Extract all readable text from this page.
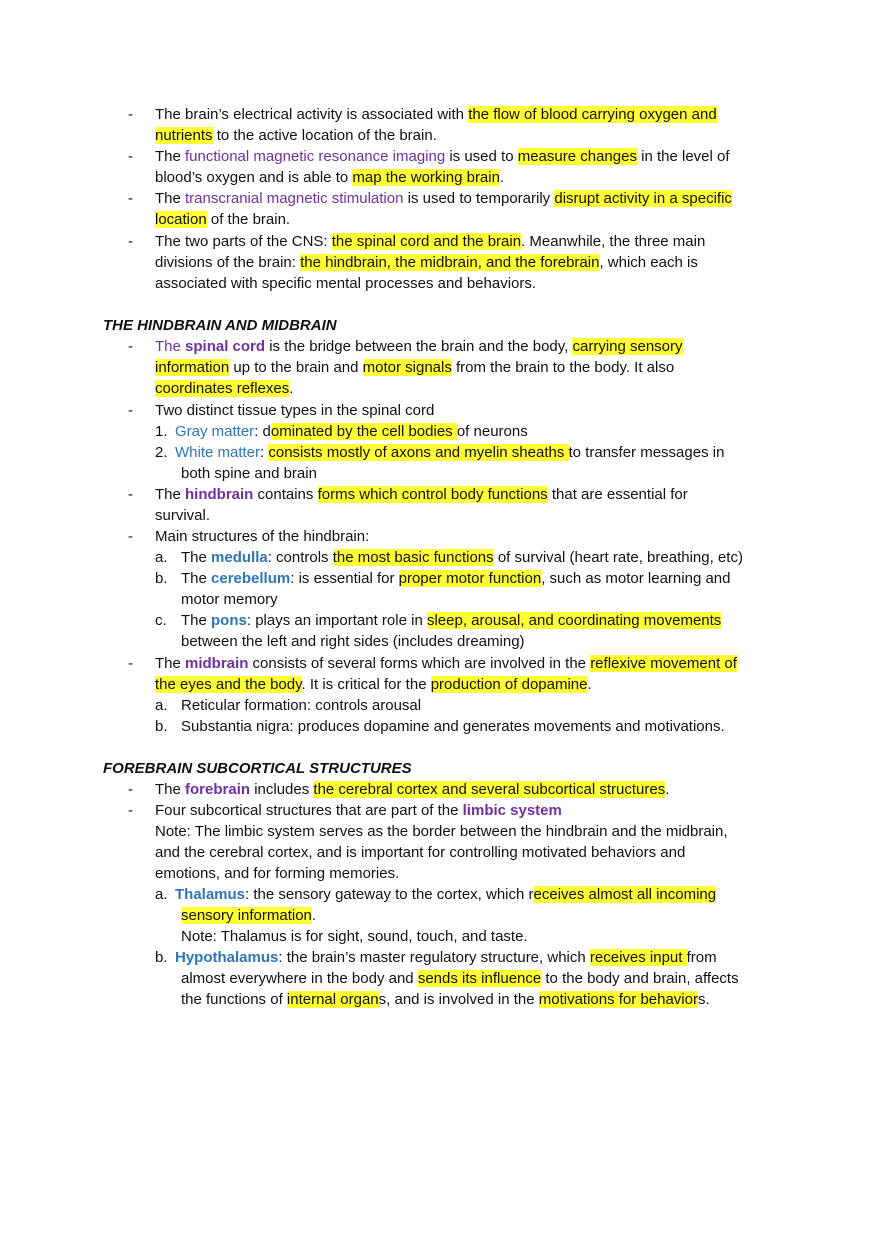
- The brain’s electrical activity is associated with the flow of blood carrying oxygen and
nutrients to the active location of the brain.
- The functional magnetic resonance imaging is used to measure changes in the level of
blood’s oxygen and is able to map the working brain.
- The transcranial magnetic stimulation is used to temporarily disrupt activity in a specific
location of the brain.
- The two parts of the CNS: the spinal cord and the brain. Meanwhile, the three main
divisions of the brain: the hindbrain, the midbrain, and the forebrain, which each is
associated with specific mental processes and behaviors.
THE HINDBRAIN AND MIDBRAIN
- The spinal cord is the bridge between the brain and the body, carrying sensory
information up to the brain and motor signals from the brain to the body. It also
coordinates reflexes.
- Two distinct tissue types in the spinal cord
1. Gray matter: dominated by the cell bodies of neurons
2. White matter: consists mostly of axons and myelin sheaths to transfer messages in
both spine and brain
- The hindbrain contains forms which control body functions that are essential for
survival.
- Main structures of the hindbrain:
a. The medulla: controls the most basic functions of survival (heart rate, breathing, etc)
b. The cerebellum: is essential for proper motor function, such as motor learning and
motor memory
c. The pons: plays an important role in sleep, arousal, and coordinating movements
between the left and right sides (includes dreaming)
- The midbrain consists of several forms which are involved in the reflexive movement of
the eyes and the body. It is critical for the production of dopamine.
a. Reticular formation: controls arousal
b. Substantia nigra: produces dopamine and generates movements and motivations.
FOREBRAIN SUBCORTICAL STRUCTURES
- The forebrain includes the cerebral cortex and several subcortical structures.
- Four subcortical structures that are part of the limbic system
Note: The limbic system serves as the border between the hindbrain and the midbrain,
and the cerebral cortex, and is important for controlling motivated behaviors and
emotions, and for forming memories.
a. Thalamus: the sensory gateway to the cortex, which receives almost all incoming
sensory information.
Note: Thalamus is for sight, sound, touch, and taste.
b. Hypothalamus: the brain’s master regulatory structure, which receives input from
almost everywhere in the body and sends its influence to the body and brain, affects
the functions of internal organs, and is involved in the motivations for behaviors.
